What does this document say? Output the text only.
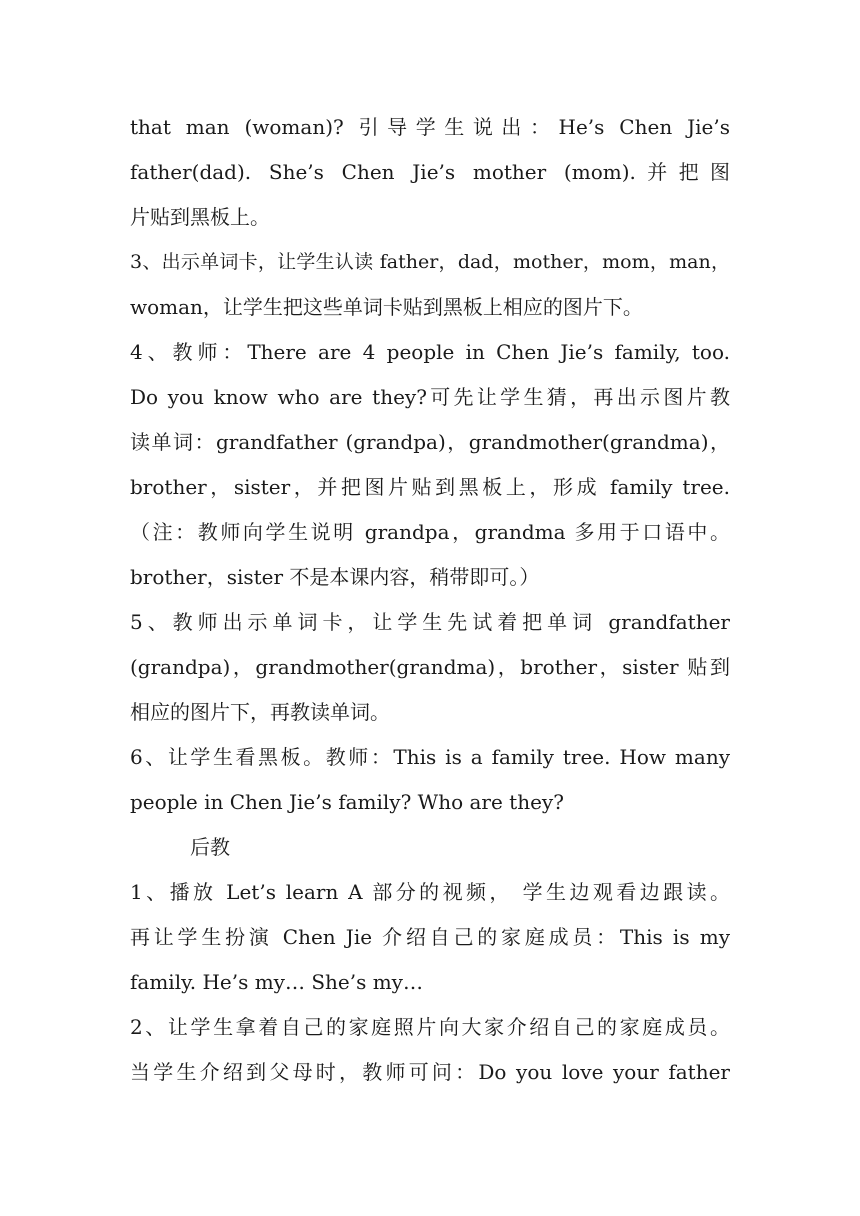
that man (woman)? 引导学生说出：He’s Chen Jie’s
father(dad). She’s Chen Jie’s mother (mom).并把图
片贴到黑板上。
3、出示单词卡，让学生认读 father，dad，mother，mom，man，
woman，让学生把这些单词卡贴到黑板上相应的图片下。
4、教师：There are 4 people in Chen Jie’s family, too.
Do you know who are they?可先让学生猜，再出示图片教
读单词：grandfather (grandpa)，grandmother(grandma)，
brother，sister，并把图片贴到黑板上，形成 family tree.
（注：教师向学生说明 grandpa，grandma 多用于口语中。
brother，sister 不是本课内容，稍带即可。）
5、教师出示单词卡，让学生先试着把单词 grandfather
(grandpa)，grandmother(grandma)，brother，sister 贴到
相应的图片下，再教读单词。
6、让学生看黑板。教师：This is a family tree. How many
people in Chen Jie’s family? Who are they?
后教
1、播放 Let’s learn A 部分的视频， 学生边观看边跟读。
再让学生扮演 Chen Jie 介绍自己的家庭成员：This is my
family. He’s my… She’s my…
2、让学生拿着自己的家庭照片向大家介绍自己的家庭成员。
当学生介绍到父母时，教师可问：Do you love your father
